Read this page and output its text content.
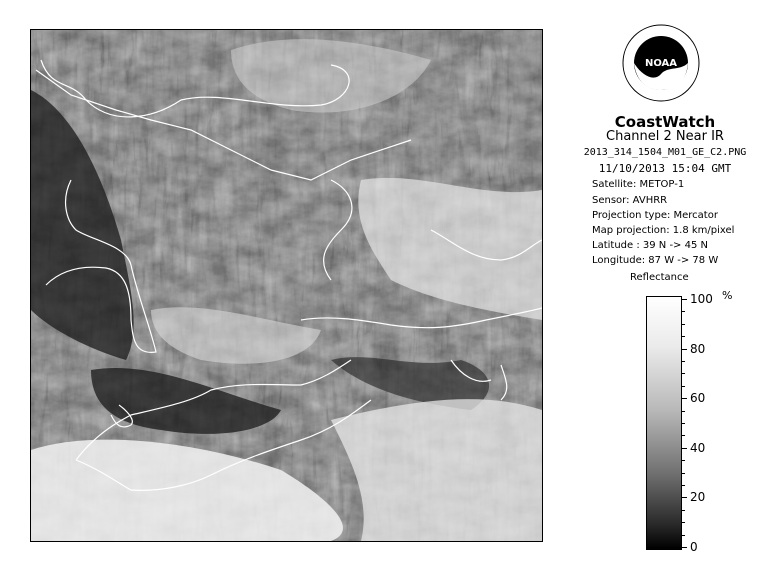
NOAA
CoastWatch
Channel 2 Near IR
2013_314_1504_M01_GE_C2.PNG
11/10/2013 15:04 GMT
Satellite: METOP-1
Sensor: AVHRR
Projection type: Mercator
Map projection: 1.8 km/pixel
Latitude : 39 N -> 45 N
Longitude: 87 W -> 78 W
Reflectance
%
100
80
60
40
20
0
